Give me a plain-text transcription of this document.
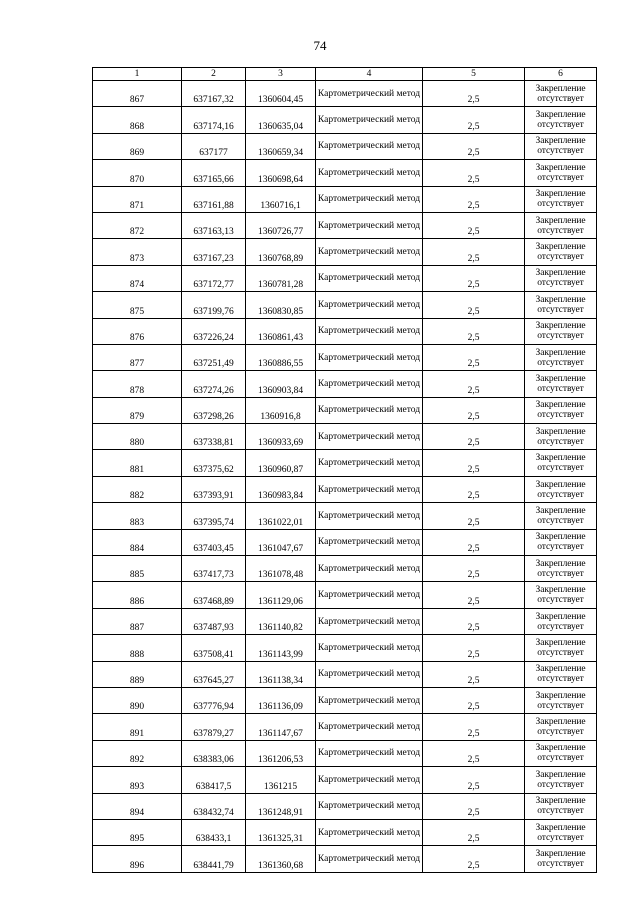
74
1	2	3	4	5	6
867	637167,32	1360604,45	Картометрический метод	2,5	Закрепление отсутствует
868	637174,16	1360635,04	Картометрический метод	2,5	Закрепление отсутствует
869	637177	1360659,34	Картометрический метод	2,5	Закрепление отсутствует
870	637165,66	1360698,64	Картометрический метод	2,5	Закрепление отсутствует
871	637161,88	1360716,1	Картометрический метод	2,5	Закрепление отсутствует
872	637163,13	1360726,77	Картометрический метод	2,5	Закрепление отсутствует
873	637167,23	1360768,89	Картометрический метод	2,5	Закрепление отсутствует
874	637172,77	1360781,28	Картометрический метод	2,5	Закрепление отсутствует
875	637199,76	1360830,85	Картометрический метод	2,5	Закрепление отсутствует
876	637226,24	1360861,43	Картометрический метод	2,5	Закрепление отсутствует
877	637251,49	1360886,55	Картометрический метод	2,5	Закрепление отсутствует
878	637274,26	1360903,84	Картометрический метод	2,5	Закрепление отсутствует
879	637298,26	1360916,8	Картометрический метод	2,5	Закрепление отсутствует
880	637338,81	1360933,69	Картометрический метод	2,5	Закрепление отсутствует
881	637375,62	1360960,87	Картометрический метод	2,5	Закрепление отсутствует
882	637393,91	1360983,84	Картометрический метод	2,5	Закрепление отсутствует
883	637395,74	1361022,01	Картометрический метод	2,5	Закрепление отсутствует
884	637403,45	1361047,67	Картометрический метод	2,5	Закрепление отсутствует
885	637417,73	1361078,48	Картометрический метод	2,5	Закрепление отсутствует
886	637468,89	1361129,06	Картометрический метод	2,5	Закрепление отсутствует
887	637487,93	1361140,82	Картометрический метод	2,5	Закрепление отсутствует
888	637508,41	1361143,99	Картометрический метод	2,5	Закрепление отсутствует
889	637645,27	1361138,34	Картометрический метод	2,5	Закрепление отсутствует
890	637776,94	1361136,09	Картометрический метод	2,5	Закрепление отсутствует
891	637879,27	1361147,67	Картометрический метод	2,5	Закрепление отсутствует
892	638383,06	1361206,53	Картометрический метод	2,5	Закрепление отсутствует
893	638417,5	1361215	Картометрический метод	2,5	Закрепление отсутствует
894	638432,74	1361248,91	Картометрический метод	2,5	Закрепление отсутствует
895	638433,1	1361325,31	Картометрический метод	2,5	Закрепление отсутствует
896	638441,79	1361360,68	Картометрический метод	2,5	Закрепление отсутствует
